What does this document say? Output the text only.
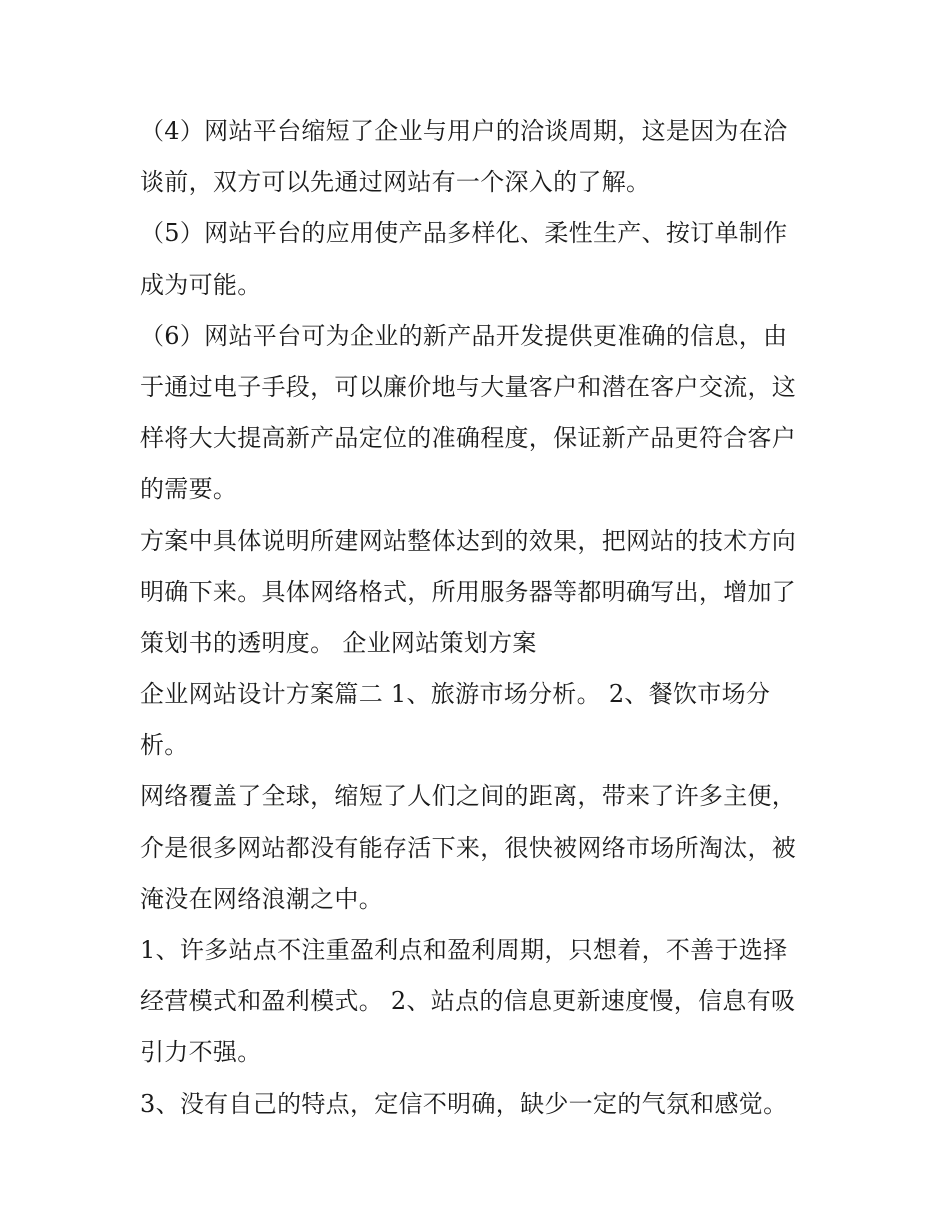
（4）网站平台缩短了企业与用户的洽谈周期，这是因为在洽
谈前，双方可以先通过网站有一个深入的了解。
（5）网站平台的应用使产品多样化、柔性生产、按订单制作
成为可能。
（6）网站平台可为企业的新产品开发提供更准确的信息，由
于通过电子手段，可以廉价地与大量客户和潜在客户交流，这
样将大大提高新产品定位的准确程度，保证新产品更符合客户
的需要。
方案中具体说明所建网站整体达到的效果，把网站的技术方向
明确下来。具体网络格式，所用服务器等都明确写出，增加了
策划书的透明度。 企业网站策划方案
企业网站设计方案篇二 1、旅游市场分析。 2、餐饮市场分
析。
网络覆盖了全球，缩短了人们之间的距离，带来了许多主便，
介是很多网站都没有能存活下来，很快被网络市场所淘汰，被
淹没在网络浪潮之中。
1、许多站点不注重盈利点和盈利周期，只想着，不善于选择
经营模式和盈利模式。 2、站点的信息更新速度慢，信息有吸
引力不强。
3、没有自己的特点，定信不明确，缺少一定的气氛和感觉。
